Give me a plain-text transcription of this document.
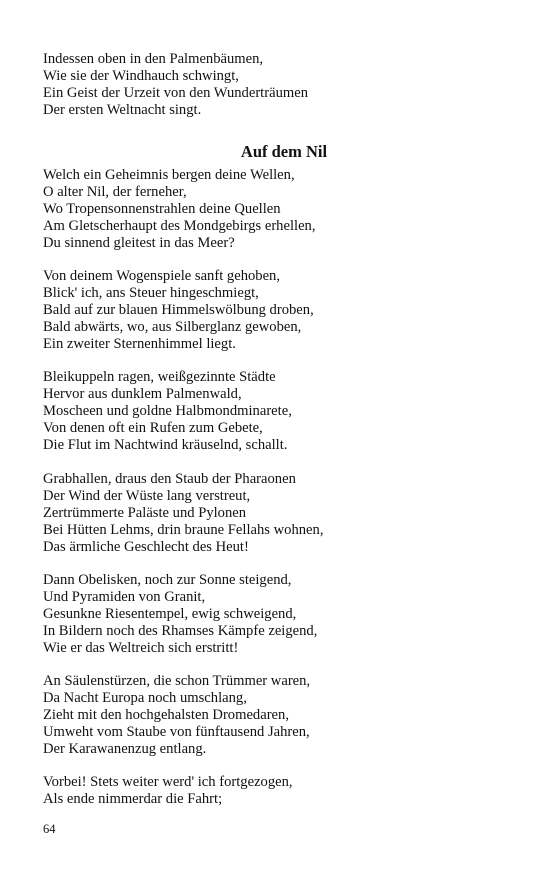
Indessen oben in den Palmenbäumen,
Wie sie der Windhauch schwingt,
Ein Geist der Urzeit von den Wunderträumen
Der ersten Weltnacht singt.
Auf dem Nil
Welch ein Geheimnis bergen deine Wellen,
O alter Nil, der ferneher,
Wo Tropensonnenstrahlen deine Quellen
Am Gletscherhaupt des Mondgebirgs erhellen,
Du sinnend gleitest in das Meer?
Von deinem Wogenspiele sanft gehoben,
Blick' ich, ans Steuer hingeschmiegt,
Bald auf zur blauen Himmelswölbung droben,
Bald abwärts, wo, aus Silberglanz gewoben,
Ein zweiter Sternenhimmel liegt.
Bleikuppeln ragen, weißgezinnte Städte
Hervor aus dunklem Palmenwald,
Moscheen und goldne Halbmondminarete,
Von denen oft ein Rufen zum Gebete,
Die Flut im Nachtwind kräuselnd, schallt.
Grabhallen, draus den Staub der Pharaonen
Der Wind der Wüste lang verstreut,
Zertrümmerte Paläste und Pylonen
Bei Hütten Lehms, drin braune Fellahs wohnen,
Das ärmliche Geschlecht des Heut!
Dann Obelisken, noch zur Sonne steigend,
Und Pyramiden von Granit,
Gesunkne Riesentempel, ewig schweigend,
In Bildern noch des Rhamses Kämpfe zeigend,
Wie er das Weltreich sich erstritt!
An Säulenstürzen, die schon Trümmer waren,
Da Nacht Europa noch umschlang,
Zieht mit den hochgehalsten Dromedaren,
Umweht vom Staube von fünftausend Jahren,
Der Karawanenzug entlang.
Vorbei! Stets weiter werd' ich fortgezogen,
Als ende nimmerdar die Fahrt;
64
